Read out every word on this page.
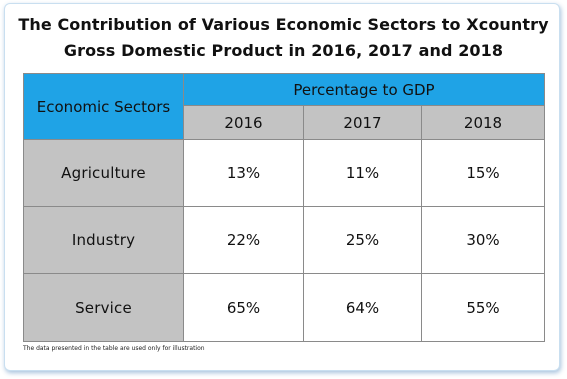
The Contribution of Various Economic Sectors to Xcountry
Gross Domestic Product in 2016, 2017 and 2018
Economic Sectors	Percentage to GDP		
	2016	2017	2018
Agriculture	13%	11%	15%
Industry	22%	25%	30%
Service	65%	64%	55%
The data presented in the table are used only for illustration
